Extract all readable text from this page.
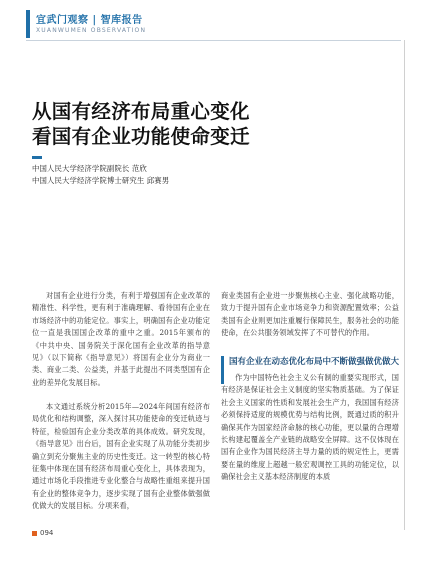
宜武门观察 | 智库报告
XUANWUMEN OBSERVATION
从国有经济布局重心变化
看国有企业功能使命变迁
中国人民大学经济学院副院长 范欣
中国人民大学经济学院博士研究生 邱赛男
对国有企业进行分类，有利于增强国有企业改革的精准性、科学性，更有利于准确理解、看待国有企业在市场经济中的功能定位。事实上，明确国有企业功能定位一直是我国国企改革的重中之重。2015年颁布的《中共中央、国务院关于深化国有企业改革的指导意见》（以下简称《指导意见》）将国有企业分为商业一类、商业二类、公益类，并基于此提出不同类型国有企业的差异化发展目标。
本文通过系统分析2015年—2024年间国有经济布局优化和结构调整，深入探讨其功能使命的变迁轨迹与特征，检验国有企业分类改革的具体成效。研究发现，《指导意见》出台后，国有企业实现了从功能分类初步确立到充分聚焦主业的历史性变迁。这一转型的核心特征集中体现在国有经济布局重心变化上，具体表现为，通过市场化手段推进专业化整合与战略性重组来提升国有企业的整体竞争力，逐步实现了国有企业整体做强做优做大的发展目标。分项来看，
商业类国有企业进一步聚焦核心主业、强化战略功能，致力于提升国有企业市场竞争力和资源配置效率；公益类国有企业则更加注重履行保障民生，服务社会的功能使命，在公共服务领域发挥了不可替代的作用。
国有企业在动态优化布局中不断做强做优做大
作为中国特色社会主义公有制的重要实现形式，国有经济是保证社会主义制度的坚实物质基础。为了保证社会主义国家的性质和发展社会生产力，我国国有经济必须保持适度的规模优势与结构比例，既通过质的积升确保其作为国家经济命脉的核心功能，更以量的合理增长构建起覆盖全产业链的战略安全屏障。这不仅体现在国有企业作为国民经济主导力量的质的规定性上，更需要在量的维度上超越一般宏观调控工具的功能定位，以确保社会主义基本经济制度的本质
094
